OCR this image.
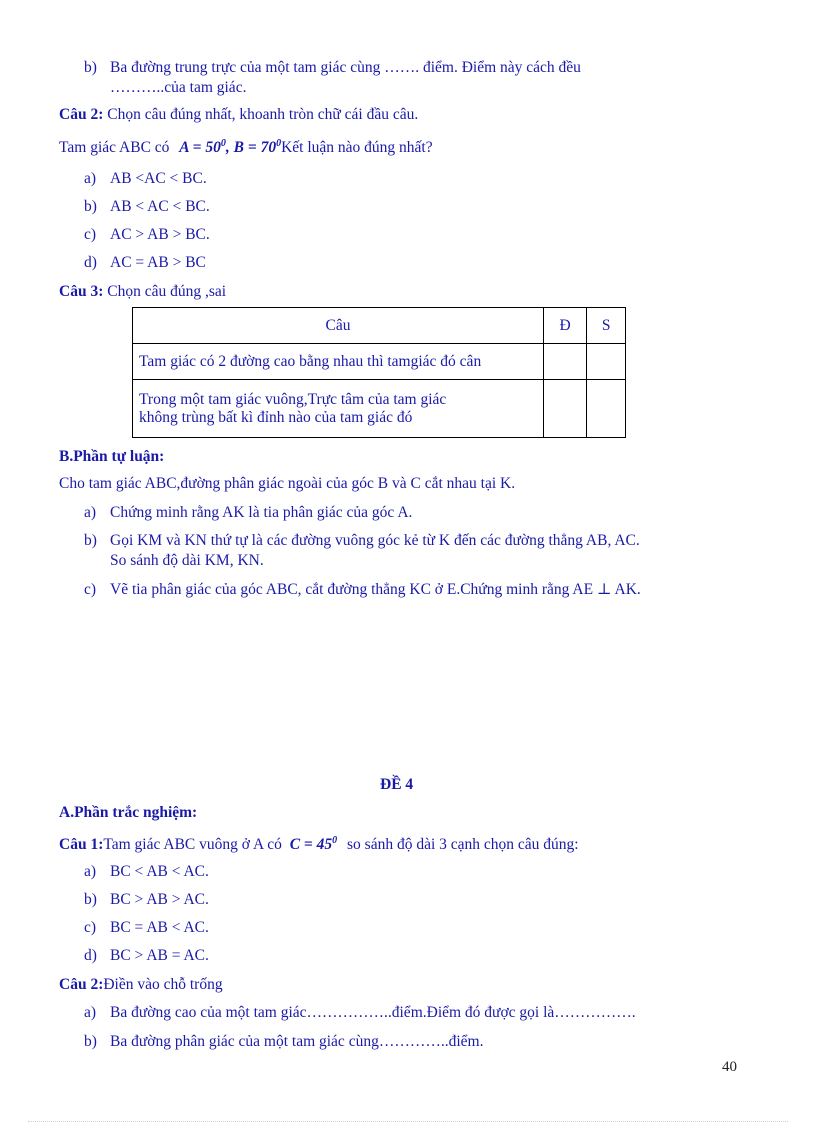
b) Ba đường trung trực của một tam giác cùng ……. điểm. Điểm này cách đều
………..của tam giác.
Câu 2: Chọn câu đúng nhất, khoanh tròn chữ cái đầu câu.
Tam giác ABC có $A = 50^0$, $B = 70^0Kết$ luận nào đúng nhất?
a) AB <AC < BC.
b) AB < AC < BC.
c) AC > AB > BC.
d) AC = AB > BC
Câu 3: Chọn câu đúng ,sai
Câu	Đ	S
Tam giác có 2 đường cao bằng nhau thì tamgiác đó cân		

Trong một tam giác vuông,Trực tâm của tam giác
không trùng bất kì đỉnh nào của tam giác đó		

B.Phần tự luận:
Cho tam giác ABC,đường phân giác ngoài của góc B và C cắt nhau tại K.
a) Chứng minh rằng AK là tia phân giác của góc A.
b) Gọi KM và KN thứ tự là các đường vuông góc kẻ từ K đến các đường thẳng AB, AC.
So sánh độ dài KM, KN.
c) Vẽ tia phân giác của góc ABC, cắt đường thẳng KC ở E.Chứng minh rằng AE ⊥ AK.
ĐỀ 4
A.Phần trắc nghiệm:
Câu 1:Tam giác ABC vuông ở A có $C = 45^0$ so sánh độ dài 3 cạnh chọn câu đúng:
a) BC < AB < AC.
b) BC > AB > AC.
c) BC = AB < AC.
d) BC > AB = AC.
Câu 2:Điền vào chỗ trống
a) Ba đường cao của một tam giác……………..điểm.Điểm đó được gọi là…………….
b) Ba đường phân giác của một tam giác cùng…………..điểm.
40
